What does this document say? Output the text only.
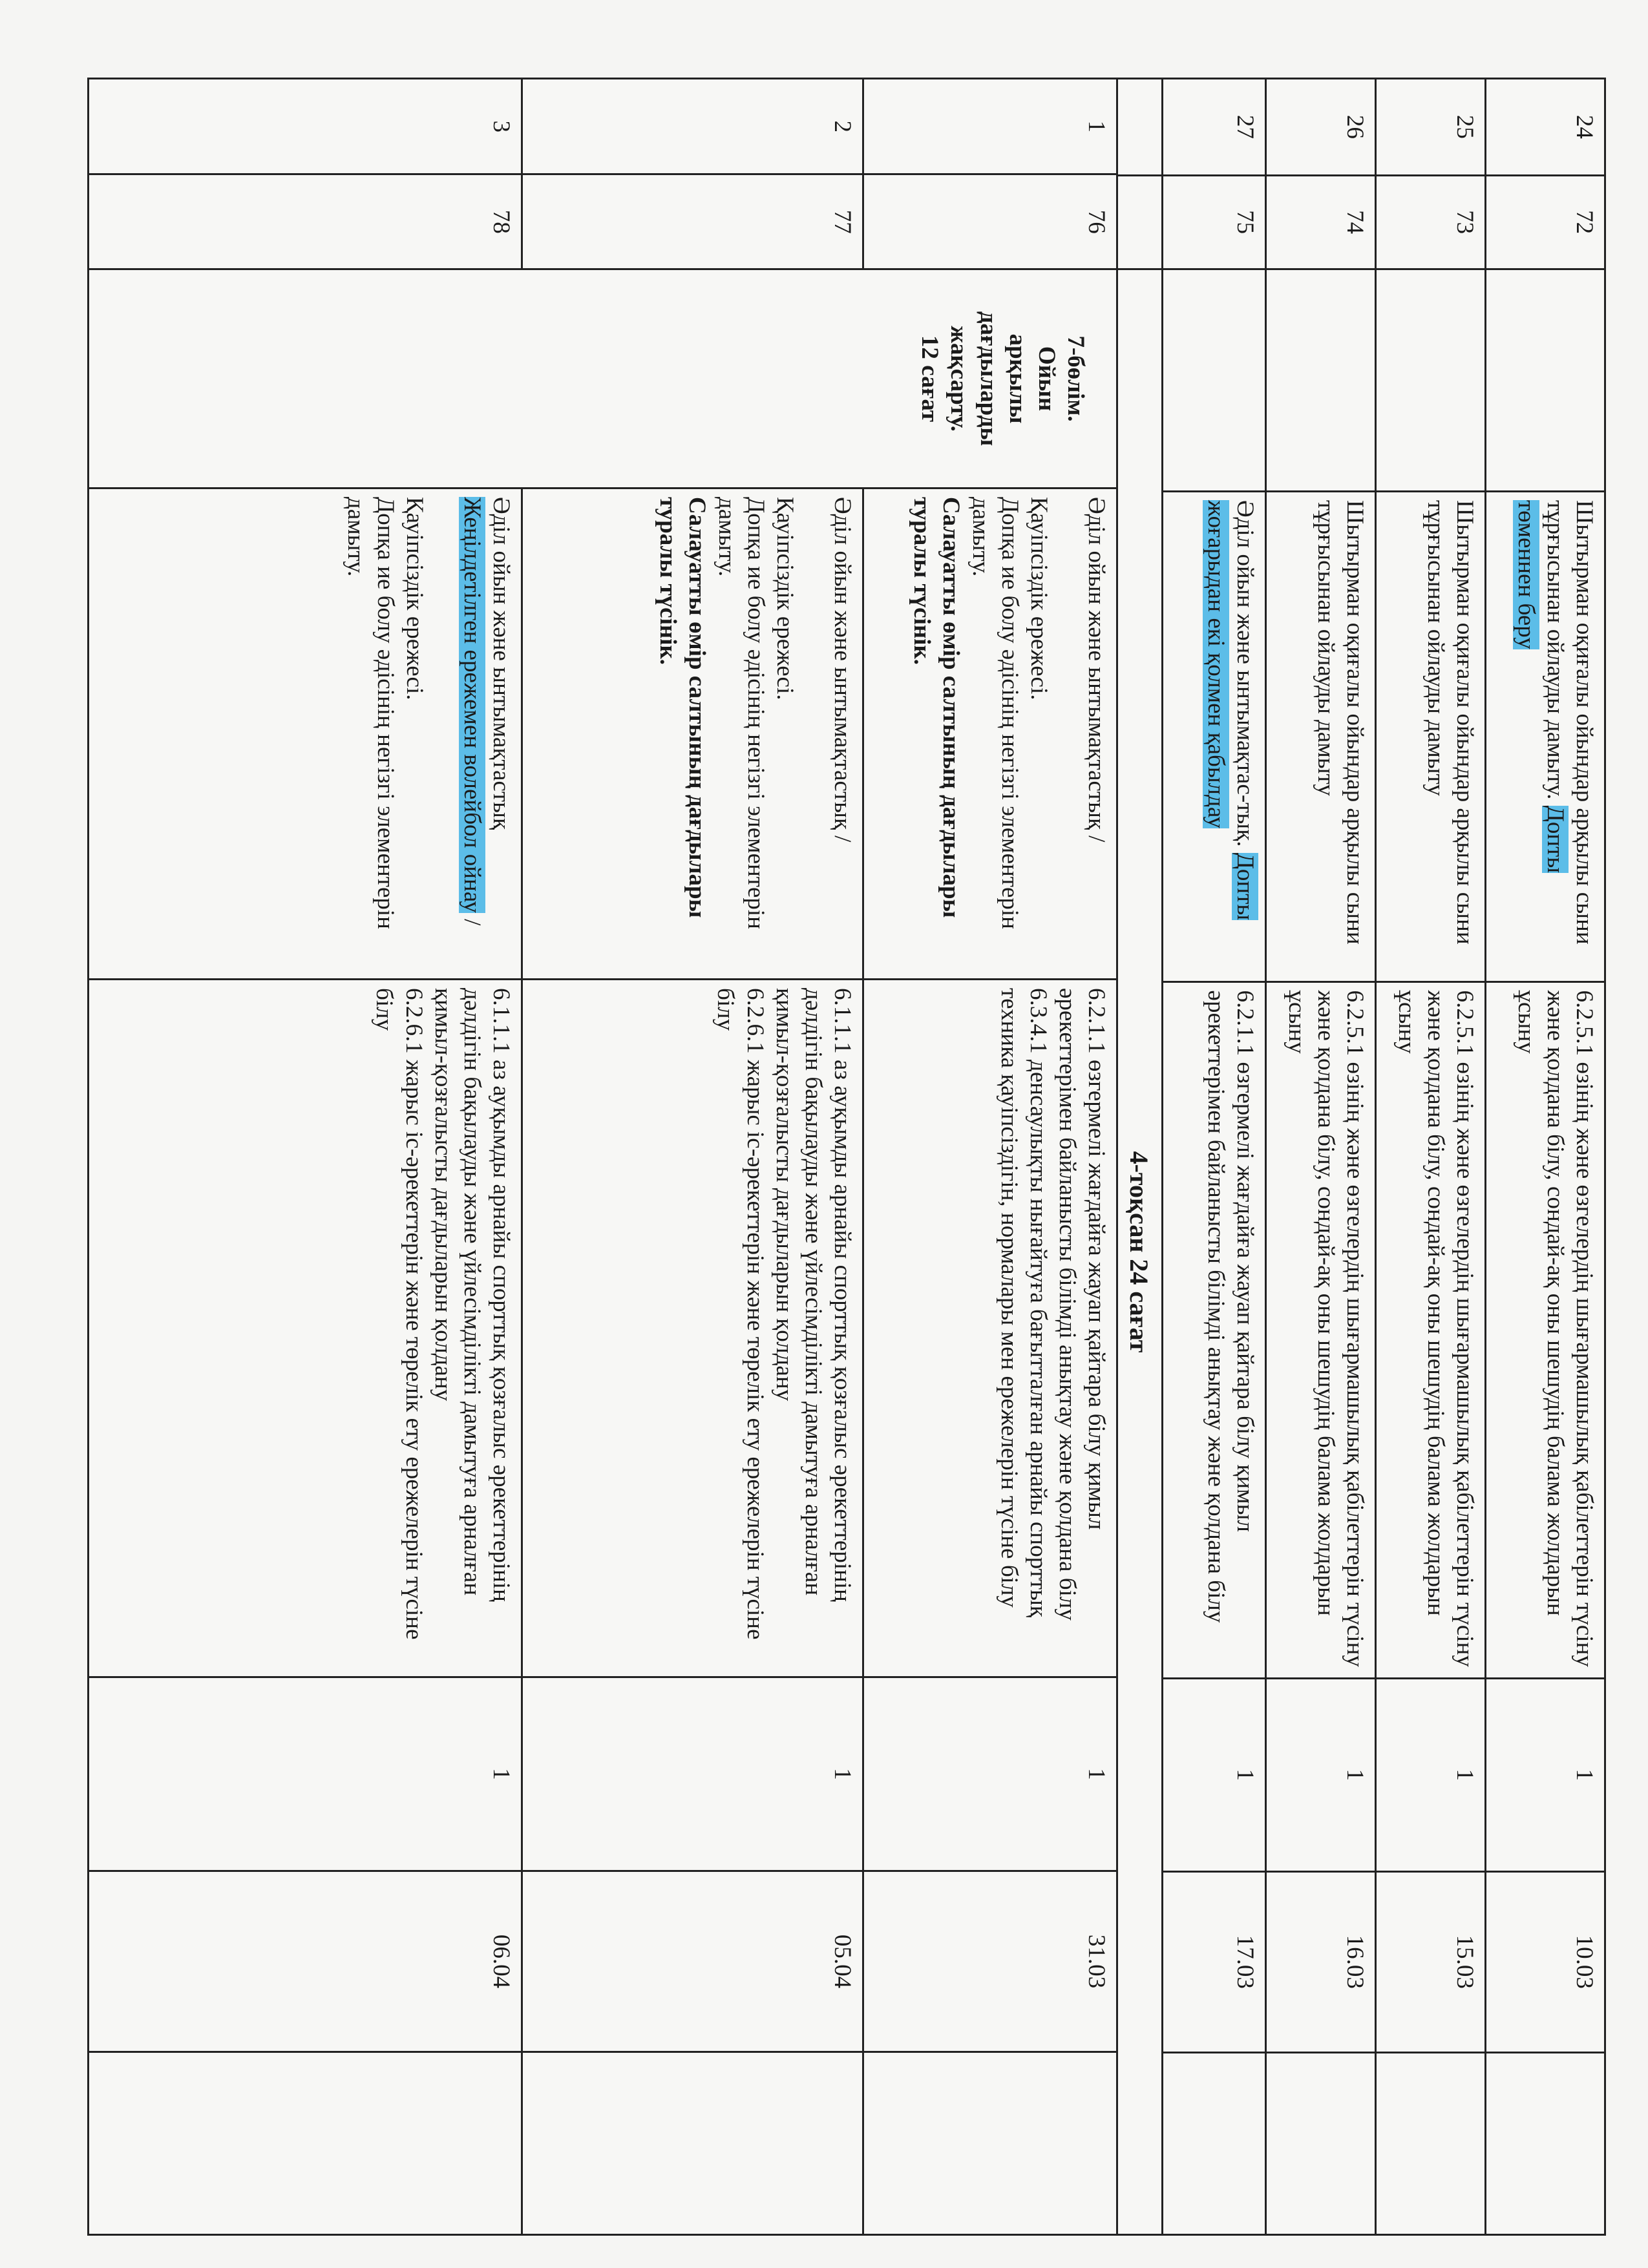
24
72
Шытырман оқиғалы ойындар арқылы сыни тұрғысынан ойлауды дамыту. Допты төменнен беру
6.2.5.1 өзінің және өзгелердің шығармашылық қабілеттерін түсіну және қолдана білу, сондай-ақ оны шешудің балама жолдарын ұсыну
1
10.03
25
73
Шытырман оқиғалы ойындар арқылы сыни тұрғысынан ойлауды дамыту
6.2.5.1 өзінің және өзгелердің шығармашылық қабілеттерін түсіну және қолдана білу, сондай-ақ оны шешудің балама жолдарын ұсыну
1
15.03
26
74
Шытырман оқиғалы ойындар арқылы сыни тұрғысынан ойлауды дамыту
6.2.5.1 өзінің және өзгелердің шығармашылық қабілеттерін түсіну және қолдана білу, сондай-ақ оны шешудің балама жолдарын ұсыну
1
16.03
27
75
Әділ ойын және ынтымақтас-тық. Допты жоғарыдан екі қолмен қабылдау
6.2.1.1 өзгермелі жағдайға жауап қайтара білу қимыл әрекеттерімен байланысты білімді анықтау және қолдана білу
1
17.03
4-тоқсан 24 сағат
1
76
2
77
3
78
7-бөлім.
Ойын
арқылы
дағдыларды
жақсарту.
12 сағат

Әділ ойын және ынтымақтастық /

Қауіпсіздік ережесі.

Допқа ие болу әдісінің негізгі элементерін дамыту.

Салауатты өмір салтының дағдылары туралы түсінік.

6.2.1.1 өзгермелі жағдайға жауап қайтара білу қимыл әрекеттерімен байланысты білімді анықтау және қолдана білу

6.3.4.1 денсаулықты нығайтуға бағытталған арнайы спорттық техника қауіпсіздігін, нормалары мен ережелерін түсіне білу

1
31.03

Әділ ойын және ынтымақтастық /

Қауіпсіздік ережесі.

Допқа ие болу әдісінің негізгі элементерін дамыту.

Салауатты өмір салтының дағдылары туралы түсінік.

6.1.1.1 аз ауқымды арнайы спорттық қозғалыс әрекеттерінің дәлдігін бақылауды және үйлесімділікті дамытуға арналған қимыл-қозғалысты дағдыларын қолдану

6.2.6.1 жарыс іс-әрекеттерін және төрелік ету ережелерін түсіне білу

1
05.04

Әділ ойын және ынтымақтастық Жеңілдетілген ережемен волейбол ойнау /

Қауіпсіздік ережесі.

Допқа ие болу әдісінің негізгі элементерін дамыту.

6.1.1.1 аз ауқымды арнайы спорттық қозғалыс әрекеттерінің дәлдігін бақылауды және үйлесімділікті дамытуға арналған қимыл-қозғалысты дағдыларын қолдану

6.2.6.1 жарыс іс-әрекеттерін және төрелік ету ережелерін түсіне білу

1
06.04
